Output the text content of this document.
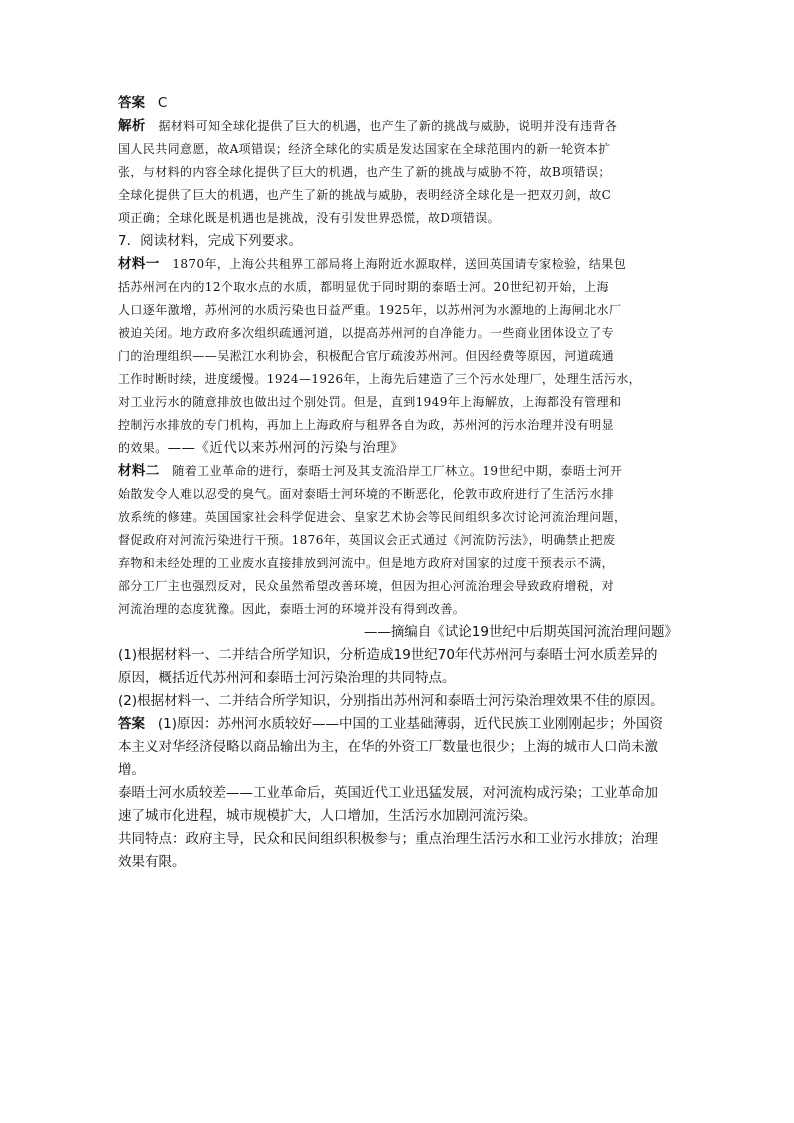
答案 C
解析 据材料可知全球化提供了巨大的机遇，也产生了新的挑战与威胁，说明并没有违背各
国人民共同意愿，故A项错误；经济全球化的实质是发达国家在全球范围内的新一轮资本扩
张，与材料的内容全球化提供了巨大的机遇，也产生了新的挑战与威胁不符，故B项错误；
全球化提供了巨大的机遇，也产生了新的挑战与威胁，表明经济全球化是一把双刃剑，故C
项正确；全球化既是机遇也是挑战，没有引发世界恐慌，故D项错误。
7．阅读材料，完成下列要求。
材料一 1870年，上海公共租界工部局将上海附近水源取样，送回英国请专家检验，结果包
括苏州河在内的12个取水点的水质，都明显优于同时期的泰晤士河。20世纪初开始，上海
人口逐年激增，苏州河的水质污染也日益严重。1925年，以苏州河为水源地的上海闸北水厂
被迫关闭。地方政府多次组织疏通河道，以提高苏州河的自净能力。一些商业团体设立了专
门的治理组织——吴淞江水利协会，积极配合官厅疏浚苏州河。但因经费等原因，河道疏通
工作时断时续，进度缓慢。1924—1926年，上海先后建造了三个污水处理厂，处理生活污水，
对工业污水的随意排放也做出过个别处罚。但是，直到1949年上海解放，上海都没有管理和
控制污水排放的专门机构，再加上上海政府与租界各自为政，苏州河的污水治理并没有明显
的效果。——《近代以来苏州河的污染与治理》
材料二 随着工业革命的进行，泰晤士河及其支流沿岸工厂林立。19世纪中期，泰晤士河开
始散发令人难以忍受的臭气。面对泰晤士河环境的不断恶化，伦敦市政府进行了生活污水排
放系统的修建。英国国家社会科学促进会、皇家艺术协会等民间组织多次讨论河流治理问题，
督促政府对河流污染进行干预。1876年，英国议会正式通过《河流防污法》，明确禁止把废
弃物和未经处理的工业废水直接排放到河流中。但是地方政府对国家的过度干预表示不满，
部分工厂主也强烈反对，民众虽然希望改善环境，但因为担心河流治理会导致政府增税，对
河流治理的态度犹豫。因此，泰晤士河的环境并没有得到改善。
——摘编自《试论19世纪中后期英国河流治理问题》
(1)根据材料一、二并结合所学知识，分析造成19世纪70年代苏州河与泰晤士河水质差异的
原因，概括近代苏州河和泰晤士河污染治理的共同特点。
(2)根据材料一、二并结合所学知识，分别指出苏州河和泰晤士河污染治理效果不佳的原因。
答案 (1)原因：苏州河水质较好——中国的工业基础薄弱，近代民族工业刚刚起步；外国资
本主义对华经济侵略以商品输出为主，在华的外资工厂数量也很少；上海的城市人口尚未激
增。
泰晤士河水质较差——工业革命后，英国近代工业迅猛发展，对河流构成污染；工业革命加
速了城市化进程，城市规模扩大，人口增加，生活污水加剧河流污染。
共同特点：政府主导，民众和民间组织积极参与；重点治理生活污水和工业污水排放；治理
效果有限。
